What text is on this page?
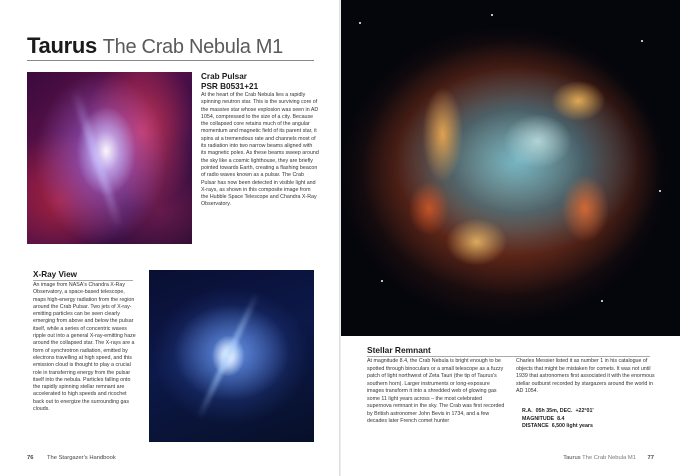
Taurus The Crab Nebula M1
Crab Pulsar
PSR B0531+21

At the heart of the Crab Nebula lies a rapidly spinning neutron star. This is the surviving core of the massive star whose explosion was seen in AD 1054, compressed to the size of a city. Because the collapsed core retains much of the angular momentum and magnetic field of its parent star, it spins at a tremendous rate and channels most of its radiation into two narrow beams aligned with its magnetic poles. As these beams sweep around the sky like a cosmic lighthouse, they are briefly pointed towards Earth, creating a flashing beacon of radio waves known as a pulsar. The Crab Pulsar has now been detected in visible light and X-rays, as shown in this composite image from the Hubble Space Telescope and Chandra X-Ray Observatory.

X-Ray View

An image from NASA's Chandra X-Ray Observatory, a space-based telescope, maps high-energy radiation from the region around the Crab Pulsar. Two jets of X-ray-emitting particles can be seen clearly emerging from above and below the pulsar itself, while a series of concentric waves ripple out into a general X-ray-emitting haze around the collapsed star. The X-rays are a form of synchrotron radiation, emitted by electrons travelling at high speed, and this emission cloud is thought to play a crucial role in transferring energy from the pulsar itself into the nebula. Particles falling onto the rapidly spinning stellar remnant are accelerated to high speeds and ricochet back out to energize the surrounding gas clouds.

76 The Stargazer's Handbook
Stellar Remnant

At magnitude 8.4, the Crab Nebula is bright enough to be spotted through binoculars or a small telescope as a fuzzy patch of light northwest of Zeta Tauri (the tip of Taurus's southern horn). Larger instruments or long-exposure images transform it into a shredded web of glowing gas some 11 light years across – the most celebrated supernova remnant in the sky. The Crab was first recorded by British astronomer John Bevis in 1734, and a few decades later French comet hunter

Charles Messier listed it as number 1 in his catalogue of objects that might be mistaken for comets. It was not until 1939 that astronomers first associated it with the enormous stellar outburst recorded by stargazers around the world in AD 1054.

R.A. 05h 35m, DEC. +22°01'
MAGNITUDE 8.4
DISTANCE 6,500 light years
Taurus The Crab Nebula M1 77
